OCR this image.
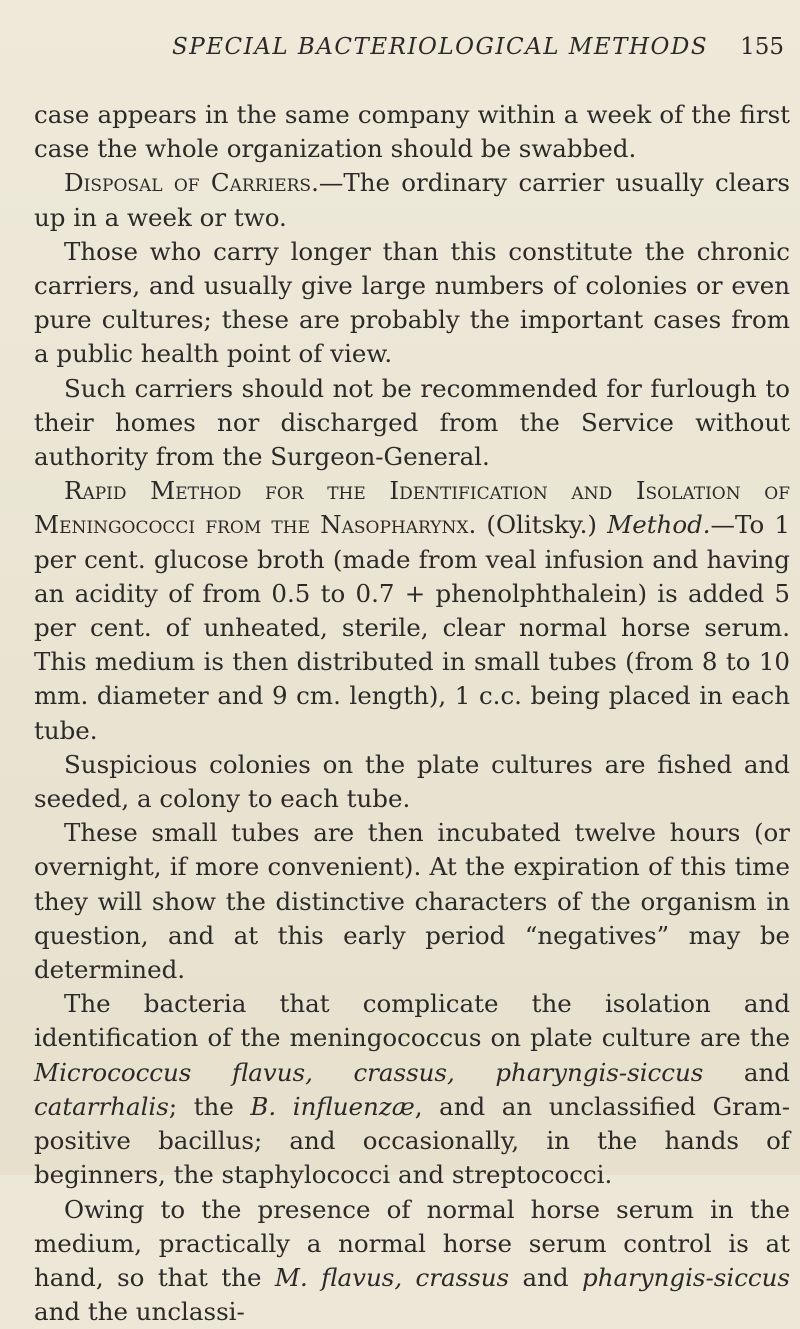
SPECIAL BACTERIOLOGICAL METHODS 155

case appears in the same company within a week of the first case the whole organization should be swabbed.

Disposal of Carriers.—The ordinary carrier usually clears up in a week or two.

Those who carry longer than this constitute the chronic carriers, and usually give large numbers of colonies or even pure cultures; these are probably the important cases from a public health point of view.

Such carriers should not be recommended for furlough to their homes nor discharged from the Service without authority from the Surgeon-General.

Rapid Method for the Identification and Isolation of Meningococci from the Nasopharynx. (Olitsky.) Method.—To 1 per cent. glucose broth (made from veal infusion and having an acidity of from 0.5 to 0.7 + phenolphthalein) is added 5 per cent. of unheated, sterile, clear normal horse serum. This medium is then distributed in small tubes (from 8 to 10 mm. diameter and 9 cm. length), 1 c.c. being placed in each tube.

Suspicious colonies on the plate cultures are fished and seeded, a colony to each tube.

These small tubes are then incubated twelve hours (or overnight, if more convenient). At the expiration of this time they will show the distinctive characters of the organism in question, and at this early period “negatives” may be determined.

The bacteria that complicate the isolation and identification of the meningococcus on plate culture are the Micrococcus flavus, crassus, pharyngis-siccus and catarrhalis; the B. influenzæ, and an unclassified Gram-positive bacillus; and occasionally, in the hands of beginners, the staphylococci and streptococci.

Owing to the presence of normal horse serum in the medium, practically a normal horse serum control is at hand, so that the M. flavus, crassus and pharyngis-siccus and the unclassi-
